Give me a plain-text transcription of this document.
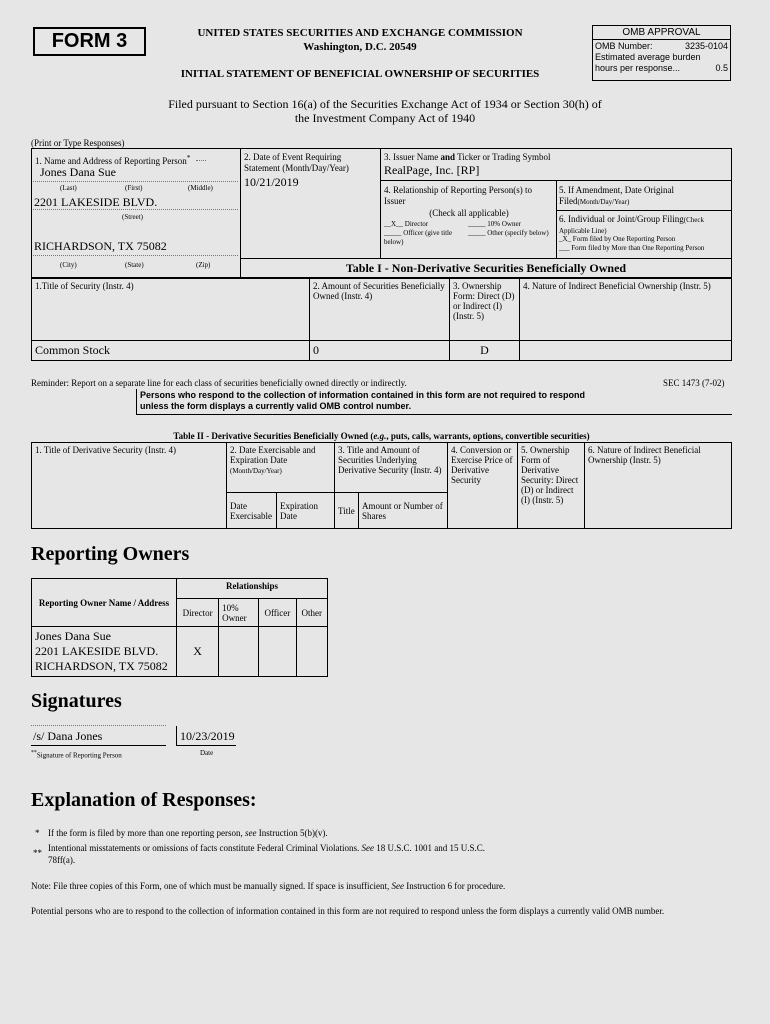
FORM 3	UNITED STATES SECURITIES AND EXCHANGE COMMISSION
Washington, D.C. 20549
INITIAL STATEMENT OF BENEFICIAL OWNERSHIP OF SECURITIES
OMB APPROVAL
OMB Number:	3235-0104
Estimated average burden
hours per response...	0.5
Filed pursuant to Section 16(a) of the Securities Exchange Act of 1934 or Section 30(h) of
the Investment Company Act of 1940
(Print or Type Responses)
1. Name and Address of Reporting Person*
Jones Dana Sue
(Last)	(First)	(Middle)
2201 LAKESIDE BLVD.
(Street)
RICHARDSON, TX 75082
(City)	(State)	(Zip)
2. Date of Event Requiring Statement (Month/Day/Year)
10/21/2019
3. Issuer Name and Ticker or Trading Symbol
RealPage, Inc. [RP]
4. Relationship of Reporting Person(s) to Issuer
(Check all applicable)
__X__ Director	_____ 10% Owner
_____ Officer (give title below)
_____ Other (specify below)
5. If Amendment, Date Original Filed(Month/Day/Year)
6. Individual or Joint/Group Filing(Check Applicable Line)
_X_ Form filed by One Reporting Person
___ Form filed by More than One Reporting Person
Table I - Non-Derivative Securities Beneficially Owned
1.Title of Security (Instr. 4)	2. Amount of Securities Beneficially Owned (Instr. 4)	3. Ownership Form: Direct (D) or Indirect (I) (Instr. 5)	4. Nature of Indirect Beneficial Ownership (Instr. 5)
Common Stock	0	D	
Reminder: Report on a separate line for each class of securities beneficially owned directly or indirectly.	SEC 1473 (7-02)
Persons who respond to the collection of information contained in this form are not required to respond
unless the form displays a currently valid OMB control number.
Table II - Derivative Securities Beneficially Owned (e.g., puts, calls, warrants, options, convertible securities)
1. Title of Derivative Security (Instr. 4)	2. Date Exercisable and Expiration Date
(Month/Day/Year)		3. Title and Amount of Securities Underlying Derivative Security (Instr. 4)		4. Conversion or Exercise Price of Derivative Security	5. Ownership Form of Derivative Security: Direct (D) or Indirect (I) (Instr. 5)	6. Nature of Indirect Beneficial Ownership (Instr. 5)
	Date Exercisable	Expiration Date	Title	Amount or Number of Shares			
Reporting Owners
Reporting Owner Name / Address	Relationships			
	Director	10% Owner	Officer	Other

Jones Dana Sue
2201 LAKESIDE BLVD.
RICHARDSON, TX 75082	X			
Signatures
/s/ Dana Jones
**Signature of Reporting Person
10/23/2019
Date
Explanation of Responses:
* If the form is filed by more than one reporting person, see Instruction 5(b)(v).
** Intentional misstatements or omissions of facts constitute Federal Criminal Violations. See 18 U.S.C. 1001 and 15 U.S.C.
78ff(a).
Note: File three copies of this Form, one of which must be manually signed. If space is insufficient, See Instruction 6 for procedure.
Potential persons who are to respond to the collection of information contained in this form are not required to respond unless the form displays a currently valid OMB number.
